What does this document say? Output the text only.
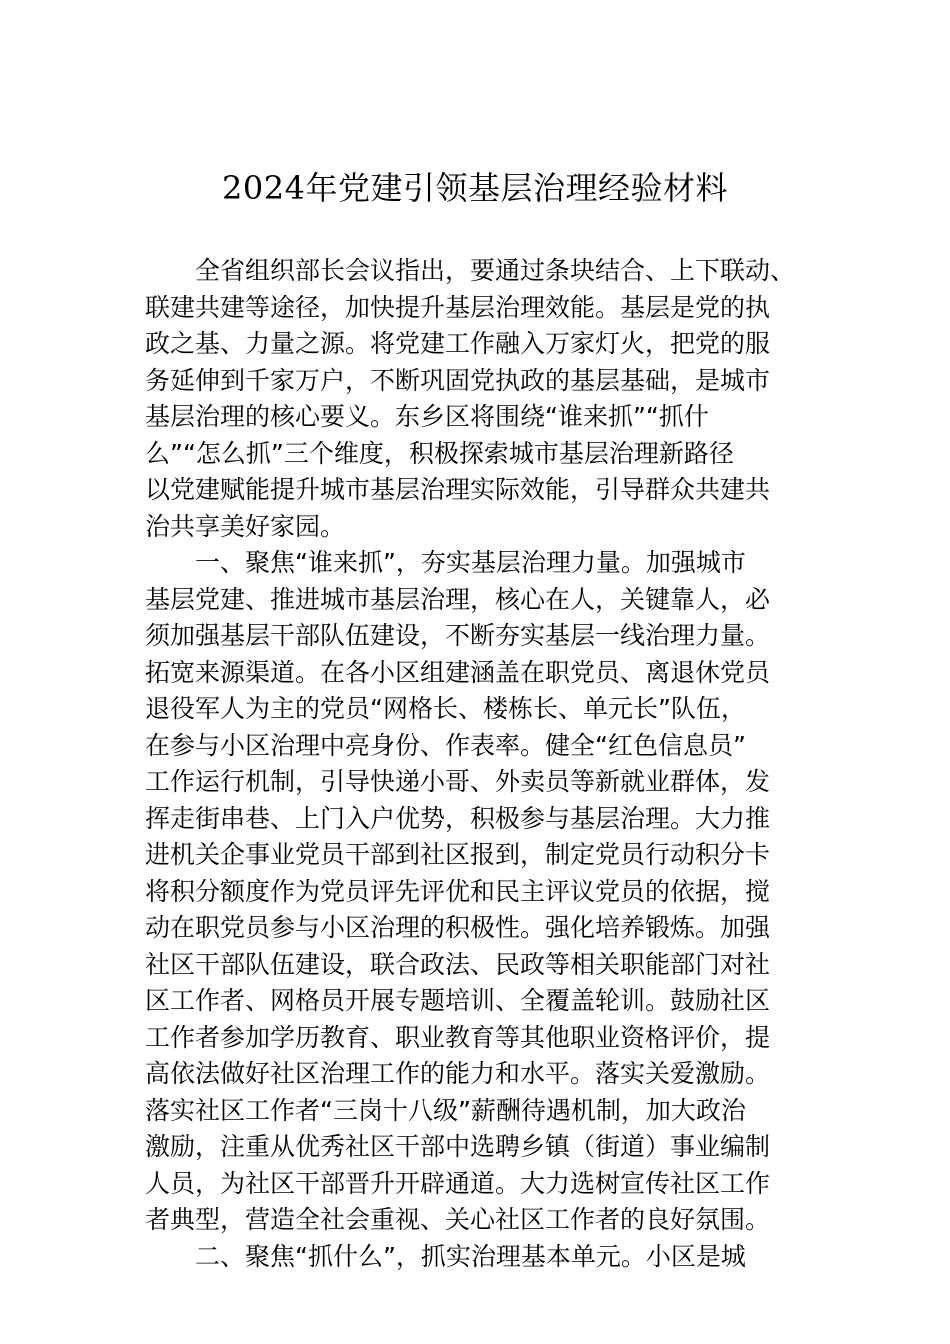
2024年党建引领基层治理经验材料
全省组织部长会议指出，要通过条块结合、上下联动、
联建共建等途径，加快提升基层治理效能。基层是党的执
政之基、力量之源。将党建工作融入万家灯火，把党的服
务延伸到千家万户，不断巩固党执政的基层基础，是城市
基层治理的核心要义。东乡区将围绕“谁来抓”“抓什
么”“怎么抓”三个维度，积极探索城市基层治理新路径
以党建赋能提升城市基层治理实际效能，引导群众共建共
治共享美好家园。
一、聚焦“谁来抓”，夯实基层治理力量。加强城市
基层党建、推进城市基层治理，核心在人，关键靠人，必
须加强基层干部队伍建设，不断夯实基层一线治理力量。
拓宽来源渠道。在各小区组建涵盖在职党员、离退休党员
退役军人为主的党员“网格长、楼栋长、单元长”队伍，
在参与小区治理中亮身份、作表率。健全“红色信息员”
工作运行机制，引导快递小哥、外卖员等新就业群体，发
挥走街串巷、上门入户优势，积极参与基层治理。大力推
进机关企事业党员干部到社区报到，制定党员行动积分卡
将积分额度作为党员评先评优和民主评议党员的依据，搅
动在职党员参与小区治理的积极性。强化培养锻炼。加强
社区干部队伍建设，联合政法、民政等相关职能部门对社
区工作者、网格员开展专题培训、全覆盖轮训。鼓励社区
工作者参加学历教育、职业教育等其他职业资格评价，提
高依法做好社区治理工作的能力和水平。落实关爱激励。
落实社区工作者“三岗十八级”薪酬待遇机制，加大政治
激励，注重从优秀社区干部中选聘乡镇（街道）事业编制
人员，为社区干部晋升开辟通道。大力选树宣传社区工作
者典型，营造全社会重视、关心社区工作者的良好氛围。
二、聚焦“抓什么”，抓实治理基本单元。小区是城
